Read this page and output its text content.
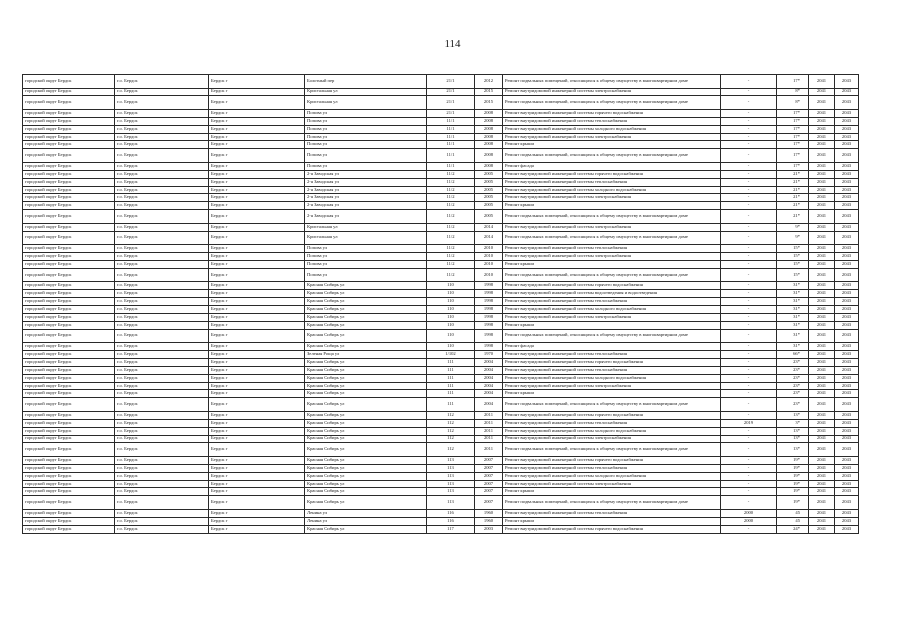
114
городской округ Бердск	г.о. Бердск	Бердск г	Болотный пер	21/1	2012	Ремонт подвальных помещений, относящихся к общему имуществу в многоквартирном доме	-	17*	2041	2043
городской округ Бердск	г.о. Бердск	Бердск г	Кристальная ул	21/1	2015	Ремонт внутридомовой инженерной системы электроснабжения	-	8*	2041	2043
городской округ Бердск	г.о. Бердск	Бердск г	Кристальная ул	21/1	2015	Ремонт подвальных помещений, относящихся к общему имуществу в многоквартирном доме	-	8*	2041	2043
городской округ Бердск	г.о. Бердск	Бердск г	Попова ул	21/1	2008	Ремонт внутридомовой инженерной системы горячего водоснабжения	-	17*	2041	2043
городской округ Бердск	г.о. Бердск	Бердск г	Попова ул	11/1	2008	Ремонт внутридомовой инженерной системы теплоснабжения	-	17*	2041	2043
городской округ Бердск	г.о. Бердск	Бердск г	Попова ул	11/1	2008	Ремонт внутридомовой инженерной системы холодного водоснабжения	-	17*	2041	2043
городской округ Бердск	г.о. Бердск	Бердск г	Попова ул	11/1	2008	Ремонт внутридомовой инженерной системы электроснабжения	-	17*	2041	2043
городской округ Бердск	г.о. Бердск	Бердск г	Попова ул	11/1	2008	Ремонт крыши	-	17*	2041	2043
городской округ Бердск	г.о. Бердск	Бердск г	Попова ул	11/1	2008	Ремонт подвальных помещений, относящихся к общему имуществу в многоквартирном доме	-	17*	2041	2043
городской округ Бердск	г.о. Бердск	Бердск г	Попова ул	11/1	2008	Ремонт фасада	-	17*	2041	2043
городской округ Бердск	г.о. Бердск	Бердск г	2-я Заводская ул	11/2	2005	Ремонт внутридомовой инженерной системы горячего водоснабжения	-	21*	2041	2043
городской округ Бердск	г.о. Бердск	Бердск г	2-я Заводская ул	11/2	2005	Ремонт внутридомовой инженерной системы теплоснабжения	-	21*	2041	2043
городской округ Бердск	г.о. Бердск	Бердск г	2-я Заводская ул	11/2	2005	Ремонт внутридомовой инженерной системы холодного водоснабжения	-	21*	2041	2043
городской округ Бердск	г.о. Бердск	Бердск г	2-я Заводская ул	11/2	2005	Ремонт внутридомовой инженерной системы электроснабжения	-	21*	2041	2043
городской округ Бердск	г.о. Бердск	Бердск г	2-я Заводская ул	11/2	2005	Ремонт крыши	-	21*	2041	2043
городской округ Бердск	г.о. Бердск	Бердск г	2-я Заводская ул	11/2	2005	Ремонт подвальных помещений, относящихся к общему имуществу в многоквартирном доме	-	21*	2041	2043
городской округ Бердск	г.о. Бердск	Бердск г	Кристальная ул	11/2	2014	Ремонт внутридомовой инженерной системы электроснабжения	-	9*	2041	2043
городской округ Бердск	г.о. Бердск	Бердск г	Кристальная ул	11/2	2014	Ремонт подвальных помещений, относящихся к общему имуществу в многоквартирном доме	-	9*	2041	2043
городской округ Бердск	г.о. Бердск	Бердск г	Попова ул	11/2	2010	Ремонт внутридомовой инженерной системы теплоснабжения	-	15*	2041	2043
городской округ Бердск	г.о. Бердск	Бердск г	Попова ул	11/2	2010	Ремонт внутридомовой инженерной системы электроснабжения	-	15*	2041	2043
городской округ Бердск	г.о. Бердск	Бердск г	Попова ул	11/2	2010	Ремонт крыши	-	15*	2041	2043
городской округ Бердск	г.о. Бердск	Бердск г	Попова ул	11/2	2010	Ремонт подвальных помещений, относящихся к общему имуществу в многоквартирном доме	-	15*	2041	2043
городской округ Бердск	г.о. Бердск	Бердск г	Красная Сибирь ул	110	1998	Ремонт внутридомовой инженерной системы горячего водоснабжения	-	31*	2041	2043
городской округ Бердск	г.о. Бердск	Бердск г	Красная Сибирь ул	110	1998	Ремонт внутридомовой инженерной системы водоотведения и водоотведения	-	31*	2041	2043
городской округ Бердск	г.о. Бердск	Бердск г	Красная Сибирь ул	110	1998	Ремонт внутридомовой инженерной системы теплоснабжения	-	31*	2041	2043
городской округ Бердск	г.о. Бердск	Бердск г	Красная Сибирь ул	110	1998	Ремонт внутридомовой инженерной системы холодного водоснабжения	-	31*	2041	2043
городской округ Бердск	г.о. Бердск	Бердск г	Красная Сибирь ул	110	1998	Ремонт внутридомовой инженерной системы электроснабжения	-	31*	2041	2043
городской округ Бердск	г.о. Бердск	Бердск г	Красная Сибирь ул	110	1998	Ремонт крыши	-	31*	2041	2043
городской округ Бердск	г.о. Бердск	Бердск г	Красная Сибирь ул	110	1998	Ремонт подвальных помещений, относящихся к общему имуществу в многоквартирном доме	-	31*	2041	2043
городской округ Бердск	г.о. Бердск	Бердск г	Красная Сибирь ул	110	1998	Ремонт фасада	-	31*	2041	2043
городской округ Бердск	г.о. Бердск	Бердск г	Зеленая Роща ул	1/102	1970	Ремонт внутридомовой инженерной системы теплоснабжения	-	66*	2041	2043
городской округ Бердск	г.о. Бердск	Бердск г	Красная Сибирь ул	111	2004	Ремонт внутридомовой инженерной системы горячего водоснабжения	-	23*	2041	2043
городской округ Бердск	г.о. Бердск	Бердск г	Красная Сибирь ул	111	2004	Ремонт внутридомовой инженерной системы теплоснабжения	-	23*	2041	2043
городской округ Бердск	г.о. Бердск	Бердск г	Красная Сибирь ул	111	2004	Ремонт внутридомовой инженерной системы холодного водоснабжения	-	23*	2041	2043
городской округ Бердск	г.о. Бердск	Бердск г	Красная Сибирь ул	111	2004	Ремонт внутридомовой инженерной системы электроснабжения	-	23*	2041	2043
городской округ Бердск	г.о. Бердск	Бердск г	Красная Сибирь ул	111	2004	Ремонт крыши	-	23*	2041	2043
городской округ Бердск	г.о. Бердск	Бердск г	Красная Сибирь ул	111	2004	Ремонт подвальных помещений, относящихся к общему имуществу в многоквартирном доме	-	23*	2041	2043
городской округ Бердск	г.о. Бердск	Бердск г	Красная Сибирь ул	112	2011	Ремонт внутридомовой инженерной системы горячего водоснабжения	-	13*	2041	2043
городской округ Бердск	г.о. Бердск	Бердск г	Красная Сибирь ул	112	2011	Ремонт внутридомовой инженерной системы теплоснабжения	2019	3*	2041	2043
городской округ Бердск	г.о. Бердск	Бердск г	Красная Сибирь ул	112	2011	Ремонт внутридомовой инженерной системы холодного водоснабжения	-	13*	2041	2043
городской округ Бердск	г.о. Бердск	Бердск г	Красная Сибирь ул	112	2011	Ремонт внутридомовой инженерной системы электроснабжения	-	13*	2041	2043
городской округ Бердск	г.о. Бердск	Бердск г	Красная Сибирь ул	112	2011	Ремонт подвальных помещений, относящихся к общему имуществу в многоквартирном доме	-	13*	2041	2043
городской округ Бердск	г.о. Бердск	Бердск г	Красная Сибирь ул	113	2007	Ремонт внутридомовой инженерной системы горячего водоснабжения	-	19*	2041	2043
городской округ Бердск	г.о. Бердск	Бердск г	Красная Сибирь ул	113	2007	Ремонт внутридомовой инженерной системы теплоснабжения	-	19*	2041	2043
городской округ Бердск	г.о. Бердск	Бердск г	Красная Сибирь ул	113	2007	Ремонт внутридомовой инженерной системы холодного водоснабжения	-	19*	2041	2043
городской округ Бердск	г.о. Бердск	Бердск г	Красная Сибирь ул	113	2007	Ремонт внутридомовой инженерной системы электроснабжения	-	19*	2041	2043
городской округ Бердск	г.о. Бердск	Бердск г	Красная Сибирь ул	113	2007	Ремонт крыши	-	19*	2041	2043
городской округ Бердск	г.о. Бердск	Бердск г	Красная Сибирь ул	113	2007	Ремонт подвальных помещений, относящихся к общему имуществу в многоквартирном доме	-	19*	2041	2043
городской округ Бердск	г.о. Бердск	Бердск г	Ленина ул	116	1960	Ремонт внутридомовой инженерной системы теплоснабжения	2000	45	2041	2043
городской округ Бердск	г.о. Бердск	Бердск г	Ленина ул	116	1960	Ремонт крыши	2000	45	2041	2043
городской округ Бердск	г.о. Бердск	Бердск г	Красная Сибирь ул	117	2003	Ремонт внутридомовой инженерной системы горячего водоснабжения	-	24*	2041	2043
